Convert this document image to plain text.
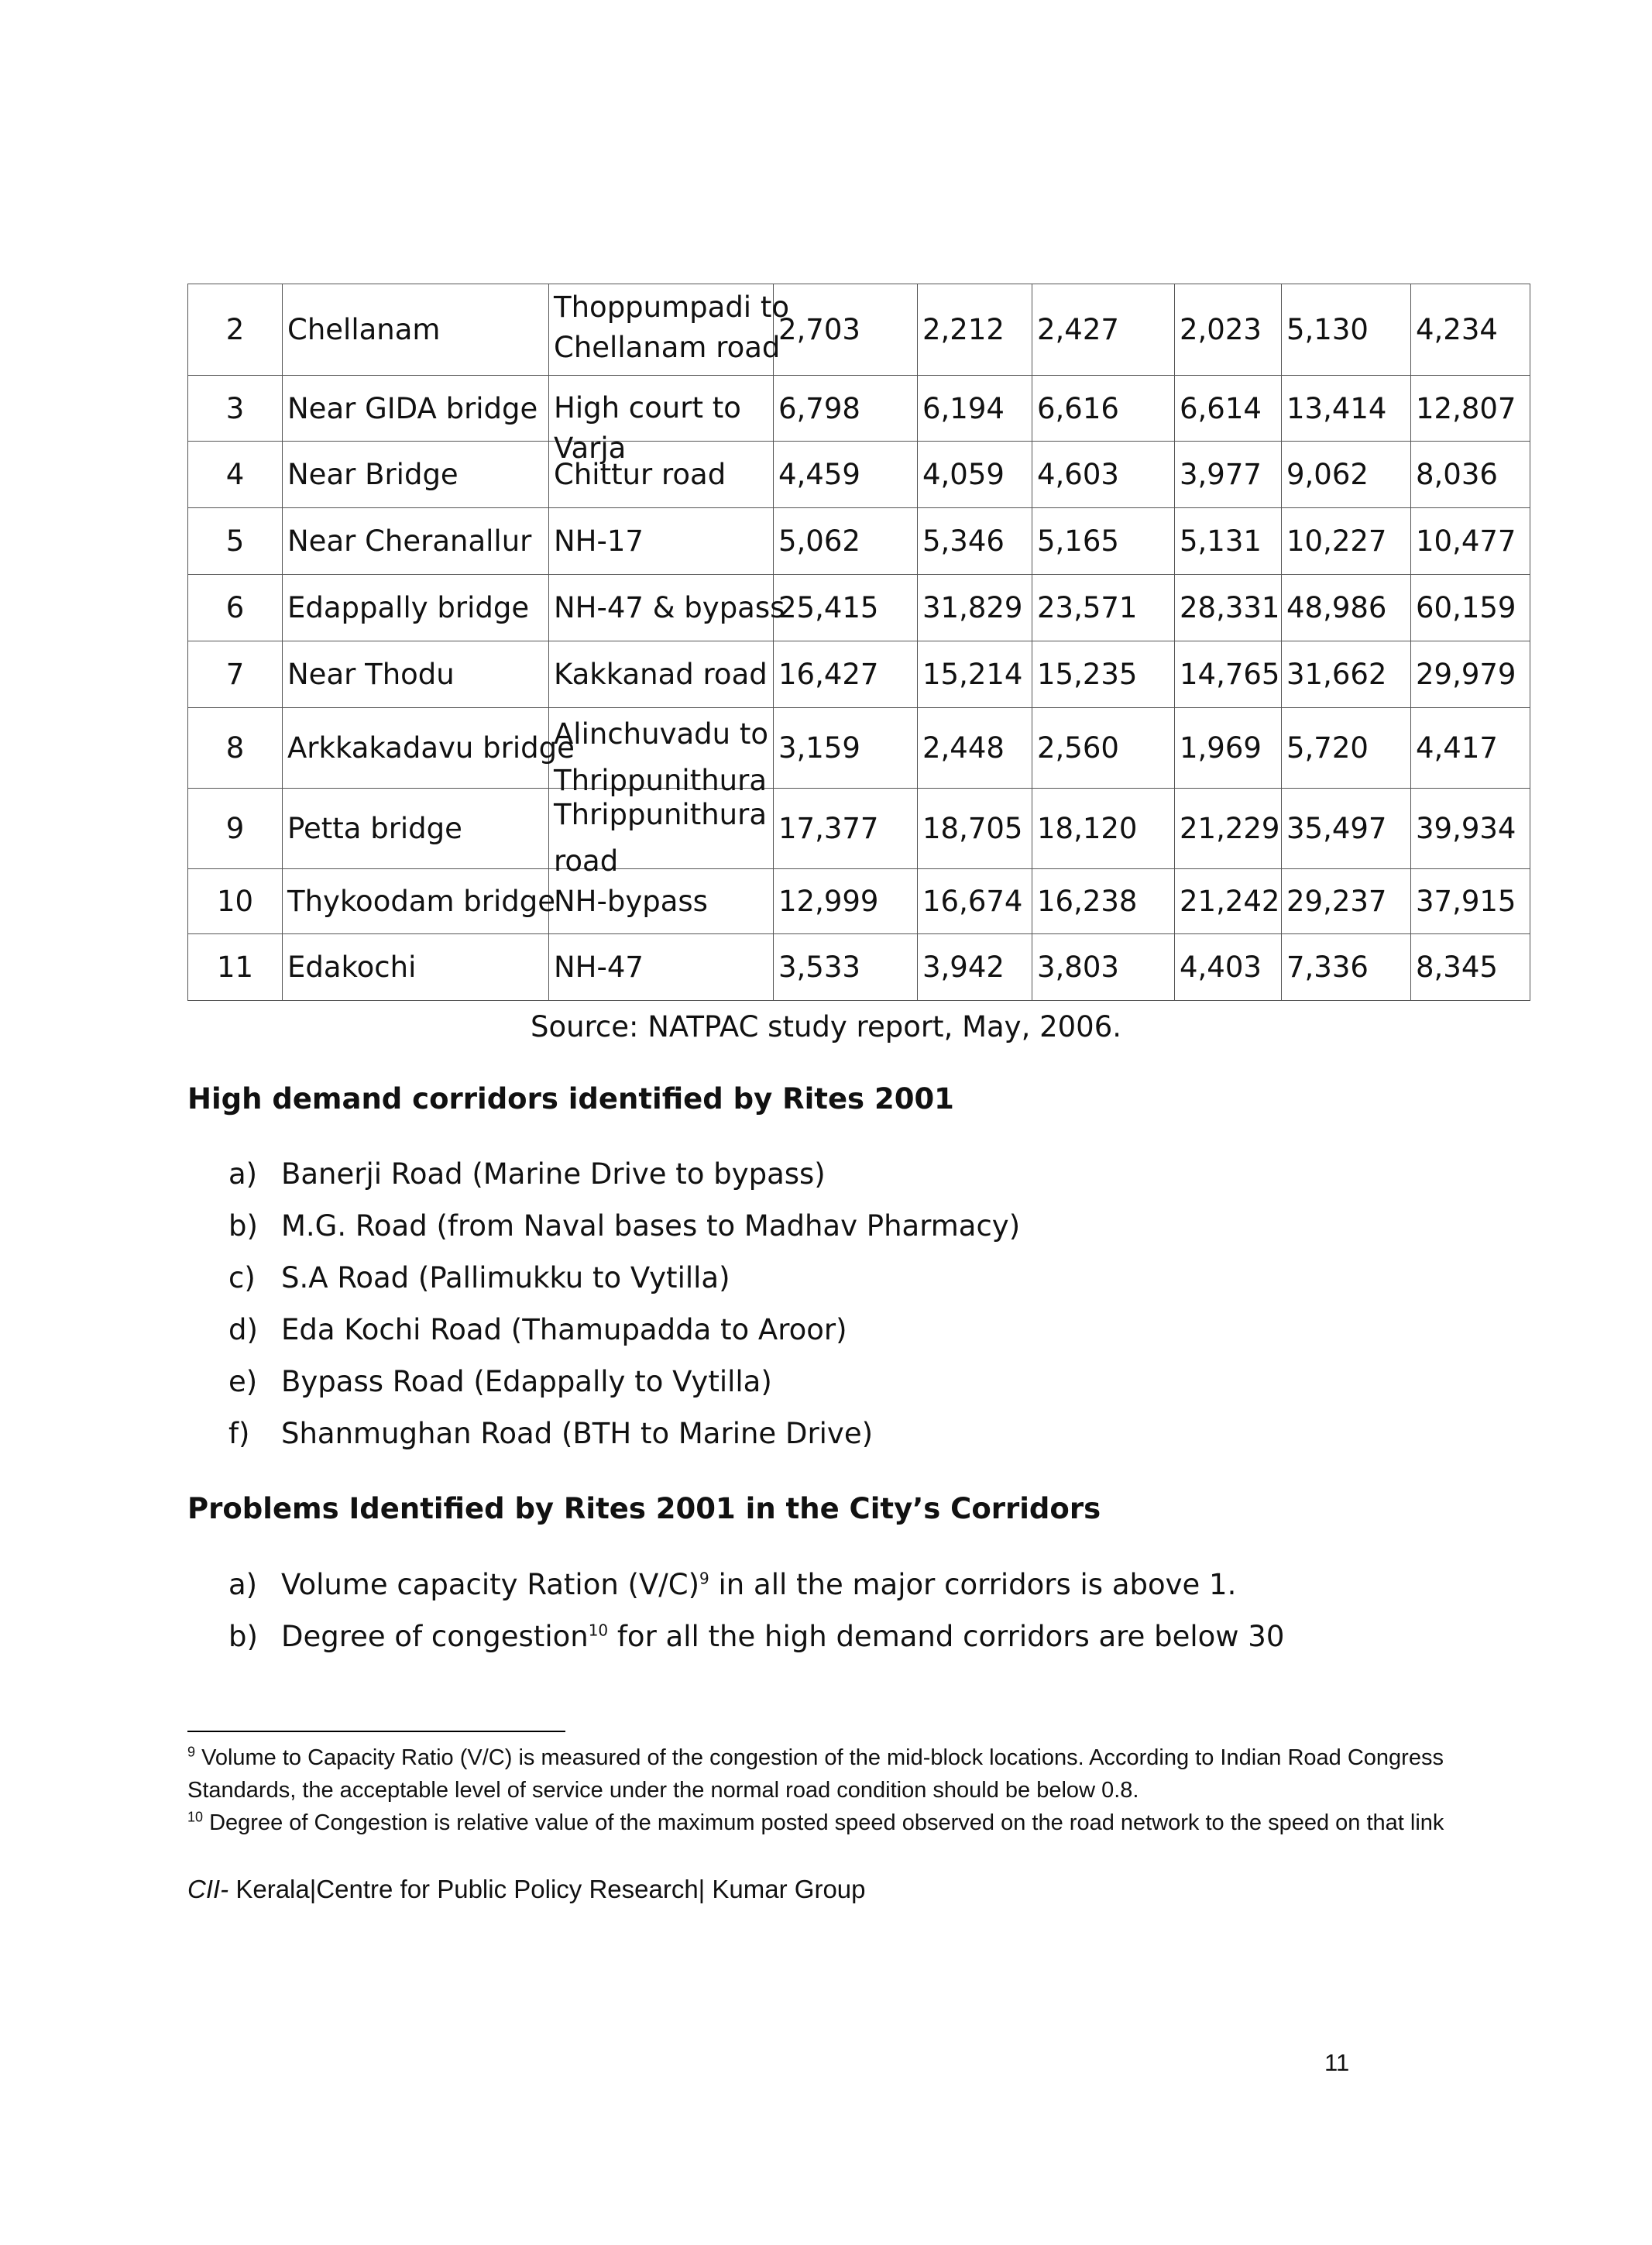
2	Chellanam	Thoppumpadi to
Chellanam road	2,703	2,212	2,427	2,023	5,130	4,234
3	Near GIDA bridge	High court to
Varja	6,798	6,194	6,616	6,614	13,414	12,807
4	Near Bridge	Chittur road	4,459	4,059	4,603	3,977	9,062	8,036
5	Near Cheranallur	NH-17	5,062	5,346	5,165	5,131	10,227	10,477
6	Edappally bridge	NH-47 & bypass	25,415	31,829	23,571	28,331	48,986	60,159
7	Near Thodu	Kakkanad road	16,427	15,214	15,235	14,765	31,662	29,979
8	Arkkakadavu bridge	Alinchuvadu to
Thrippunithura	3,159	2,448	2,560	1,969	5,720	4,417
9	Petta bridge	Thrippunithura
road	17,377	18,705	18,120	21,229	35,497	39,934
10	Thykoodam bridge	NH-bypass	12,999	16,674	16,238	21,242	29,237	37,915
11	Edakochi	NH-47	3,533	3,942	3,803	4,403	7,336	8,345
Source: NATPAC study report, May, 2006.
High demand corridors identified by Rites 2001
a) Banerji Road (Marine Drive to bypass)
b) M.G. Road (from Naval bases to Madhav Pharmacy)
c) S.A Road (Pallimukku to Vytilla)
d) Eda Kochi Road (Thamupadda to Aroor)
e) Bypass Road (Edappally to Vytilla)
f) Shanmughan Road (BTH to Marine Drive)
Problems Identified by Rites 2001 in the City’s Corridors
a) Volume capacity Ration $(V/C)^9$ in all the major corridors is above 1.
b) Degree of congestion$^{10}$ for all the high demand corridors are below 30
$^9$ Volume to Capacity Ratio (V/C) is measured of the congestion of the mid-block locations. According to Indian Road Congress Standards, the acceptable level of service under the normal road condition should be below 0.8.
$^{10}$ Degree of Congestion is relative value of the maximum posted speed observed on the road network to the speed on that link
CII- Kerala|Centre for Public Policy Research| Kumar Group
11
